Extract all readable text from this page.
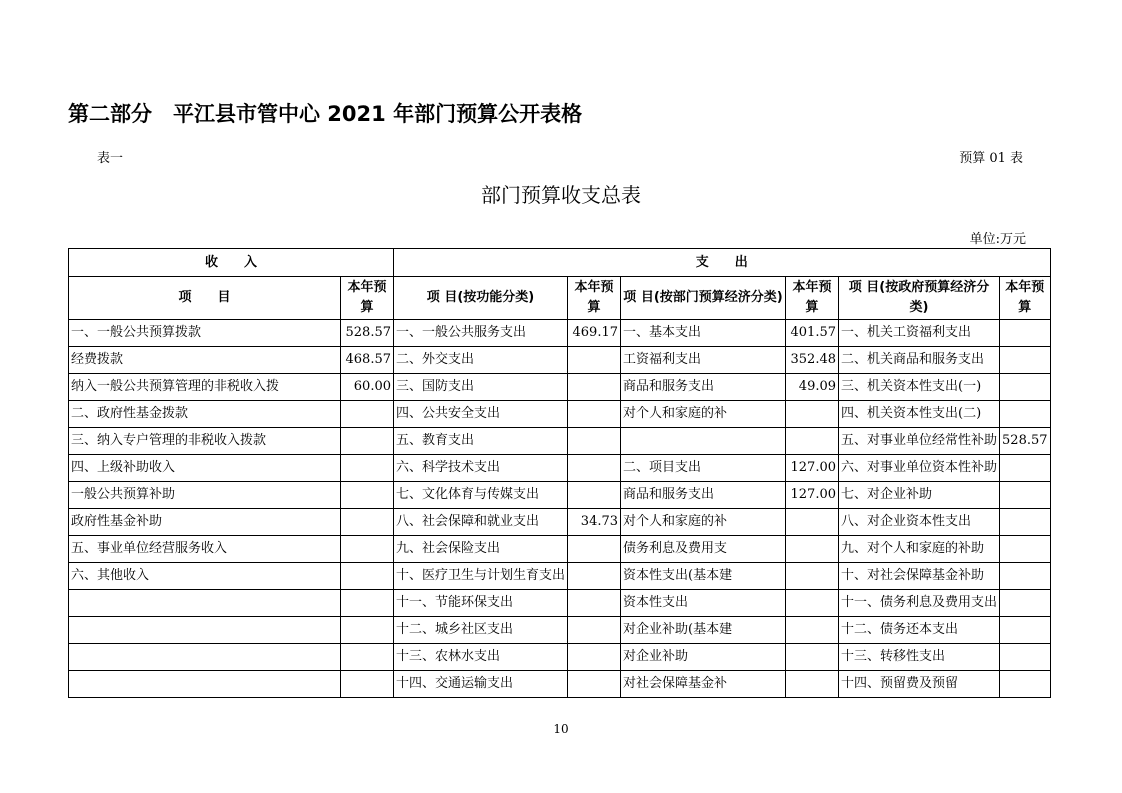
第二部分　平江县市管中心 2021 年部门预算公开表格
表一	预算 01 表
部门预算收支总表
单位:万元
收　　入		支　　出					
项　　目	本年预算	项 目(按功能分类)	本年预算	项 目(按部门预算经济分类)	本年预算	项 目(按政府预算经济分类)	本年预算
一、一般公共预算拨款	528.57	一、一般公共服务支出	469.17	一、基本支出	401.57	一、机关工资福利支出	
经费拨款	468.57	二、外交支出		工资福利支出	352.48	二、机关商品和服务支出	
纳入一般公共预算管理的非税收入拨	60.00	三、国防支出		商品和服务支出	49.09	三、机关资本性支出(一)	
二、政府性基金拨款		四、公共安全支出		对个人和家庭的补		四、机关资本性支出(二)	
三、纳入专户管理的非税收入拨款		五、教育支出				五、对事业单位经常性补助	528.57
四、上级补助收入		六、科学技术支出		二、项目支出	127.00	六、对事业单位资本性补助	
一般公共预算补助		七、文化体育与传媒支出		商品和服务支出	127.00	七、对企业补助	
政府性基金补助		八、社会保障和就业支出	34.73	对个人和家庭的补		八、对企业资本性支出	
五、事业单位经营服务收入		九、社会保险支出		债务利息及费用支		九、对个人和家庭的补助	
六、其他收入		十、医疗卫生与计划生育支出		资本性支出(基本建		十、对社会保障基金补助	
		十一、节能环保支出		资本性支出		十一、债务利息及费用支出	
		十二、城乡社区支出		对企业补助(基本建		十二、债务还本支出	
		十三、农林水支出		对企业补助		十三、转移性支出	
		十四、交通运输支出		对社会保障基金补		十四、预留费及预留	
10
